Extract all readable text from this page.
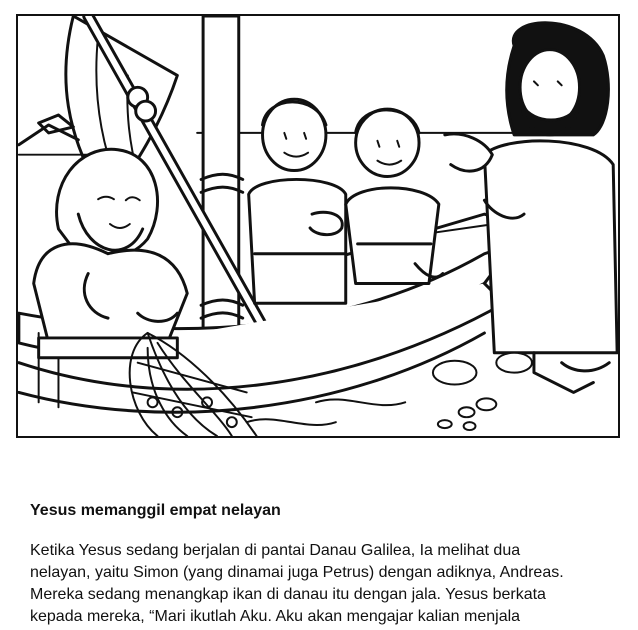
Yesus memanggil empat nelayan

Ketika Yesus sedang berjalan di pantai Danau Galilea, Ia melihat dua
nelayan, yaitu Simon (yang dinamai juga Petrus) dengan adiknya, Andreas.
Mereka sedang menangkap ikan di danau itu dengan jala. Yesus berkata
kepada mereka, “Mari ikutlah Aku. Aku akan mengajar kalian menjala
